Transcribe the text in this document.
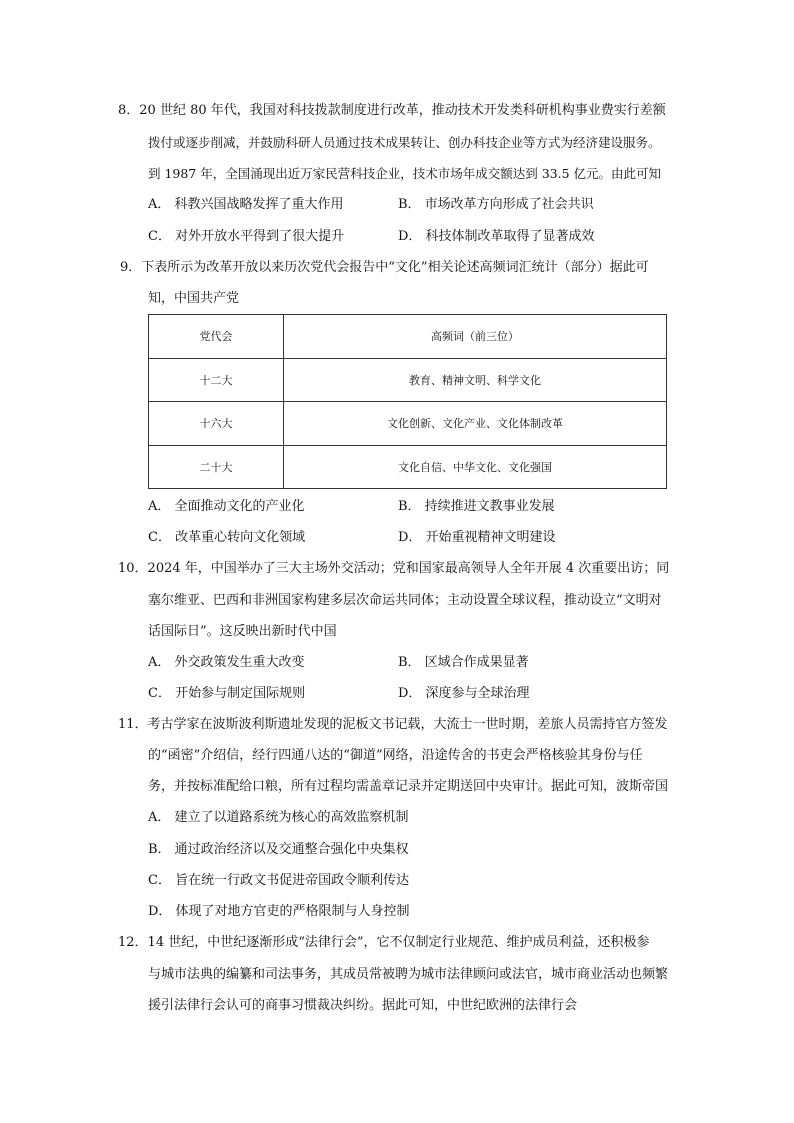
8．20 世纪 80 年代，我国对科技拨款制度进行改革，推动技术开发类科研机构事业费实行差额
拨付或逐步削减，并鼓励科研人员通过技术成果转让、创办科技企业等方式为经济建设服务。
到 1987 年，全国涌现出近万家民营科技企业，技术市场年成交额达到 33.5 亿元。由此可知
A． 科教兴国战略发挥了重大作用	B． 市场改革方向形成了社会共识
C． 对外开放水平得到了很大提升	D． 科技体制改革取得了显著成效
9．下表所示为改革开放以来历次党代会报告中“文化”相关论述高频词汇统计（部分）据此可
知，中国共产党
党代会	高频词（前三位）
十二大	教育、精神文明、科学文化
十六大	文化创新、文化产业、文化体制改革
二十大	文化自信、中华文化、文化强国
A． 全面推动文化的产业化	B． 持续推进文教事业发展
C． 改革重心转向文化领域	D． 开始重视精神文明建设
10．2024 年，中国举办了三大主场外交活动；党和国家最高领导人全年开展 4 次重要出访；同
塞尔维亚、巴西和非洲国家构建多层次命运共同体；主动设置全球议程，推动设立“文明对
话国际日”。这反映出新时代中国
A． 外交政策发生重大改变	B． 区域合作成果显著
C． 开始参与制定国际规则	D． 深度参与全球治理
11．考古学家在波斯波利斯遗址发现的泥板文书记载，大流士一世时期，差旅人员需持官方签发
的“函密”介绍信，经行四通八达的“御道”网络，沿途传舍的书吏会严格核验其身份与任
务，并按标准配给口粮，所有过程均需盖章记录并定期送回中央审计。据此可知，波斯帝国
A． 建立了以道路系统为核心的高效监察机制
B． 通过政治经济以及交通整合强化中央集权
C． 旨在统一行政文书促进帝国政令顺利传达
D． 体现了对地方官吏的严格限制与人身控制
12．14 世纪，中世纪逐渐形成“法律行会”，它不仅制定行业规范、维护成员利益，还积极参
与城市法典的编纂和司法事务，其成员常被聘为城市法律顾问或法官，城市商业活动也频繁
援引法律行会认可的商事习惯裁决纠纷。据此可知，中世纪欧洲的法律行会
